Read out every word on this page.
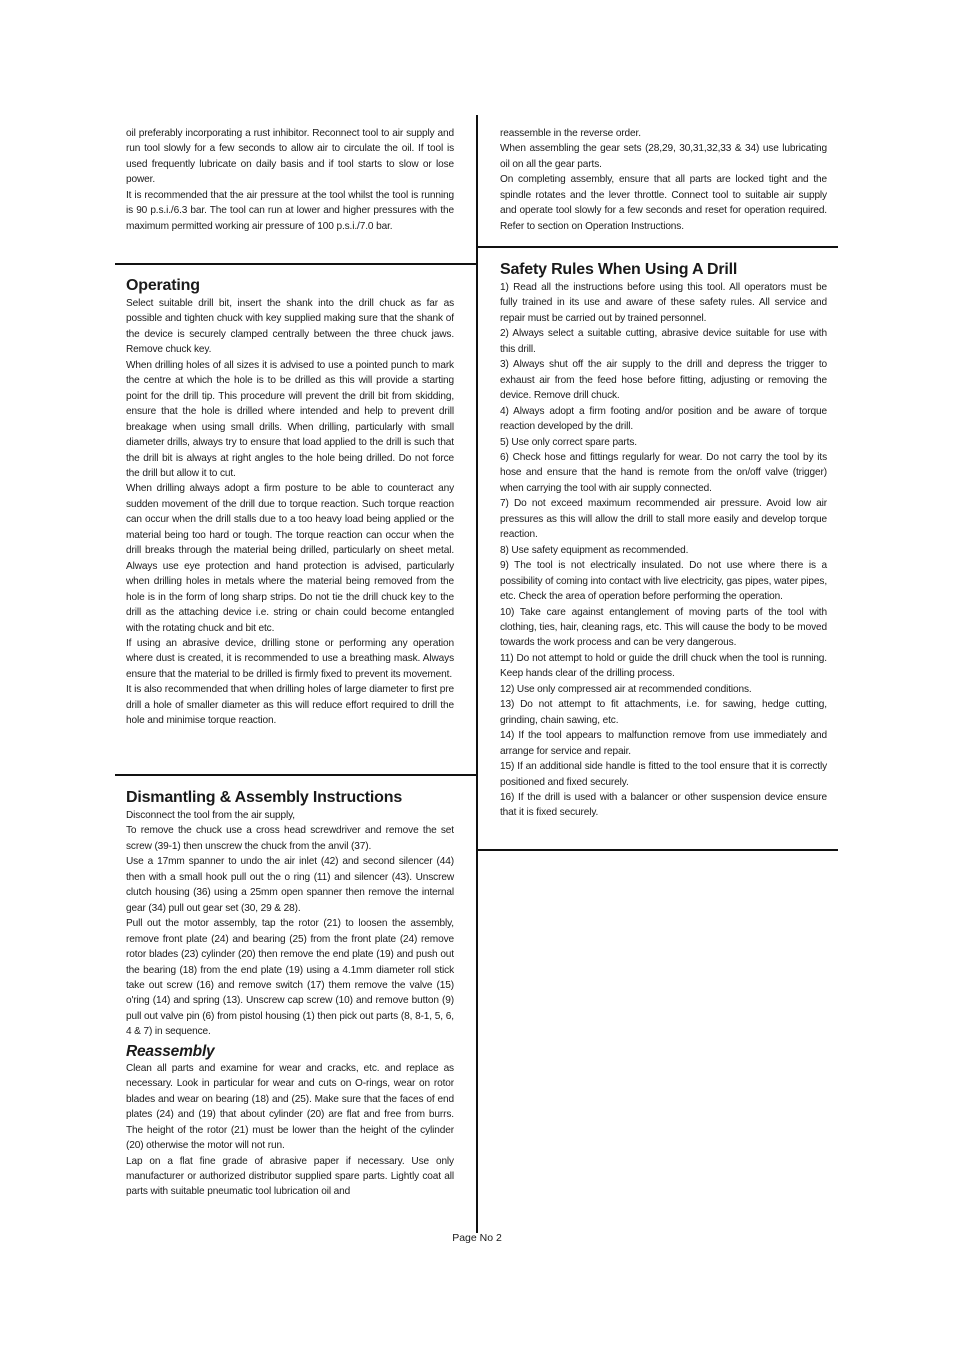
oil preferably incorporating a rust inhibitor. Reconnect tool to air supply and run tool slowly for a few seconds to allow air to circulate the oil. If tool is used frequently lubricate on daily basis and if tool starts to slow or lose power.

It is recommended that the air pressure at the tool whilst the tool is running is 90 p.s.i./6.3 bar. The tool can run at lower and higher pressures with the maximum permitted working air pressure of 100 p.s.i./7.0 bar.

Operating

Select suitable drill bit, insert the shank into the drill chuck as far as possible and tighten chuck with key supplied making sure that the shank of the device is securely clamped centrally between the three chuck jaws. Remove chuck key.

When drilling holes of all sizes it is advised to use a pointed punch to mark the centre at which the hole is to be drilled as this will provide a starting point for the drill tip. This procedure will prevent the drill bit from skidding, ensure that the hole is drilled where intended and help to prevent drill breakage when using small drills. When drilling, particularly with small diameter drills, always try to ensure that load applied to the drill is such that the drill bit is always at right angles to the hole being drilled. Do not force the drill but allow it to cut.

When drilling always adopt a firm posture to be able to counteract any sudden movement of the drill due to torque reaction. Such torque reaction can occur when the drill stalls due to a too heavy load being applied or the material being too hard or tough. The torque reaction can occur when the drill breaks through the material being drilled, particularly on sheet metal. Always use eye protection and hand protection is advised, particularly when drilling holes in metals where the material being removed from the hole is in the form of long sharp strips. Do not tie the drill chuck key to the drill as the attaching device i.e. string or chain could become entangled with the rotating chuck and bit etc.

If using an abrasive device, drilling stone or performing any operation where dust is created, it is recommended to use a breathing mask. Always ensure that the material to be drilled is firmly fixed to prevent its movement.

It is also recommended that when drilling holes of large diameter to first pre drill a hole of smaller diameter as this will reduce effort required to drill the hole and minimise torque reaction.

Dismantling & Assembly Instructions

Disconnect the tool from the air supply,

To remove the chuck use a cross head screwdriver and remove the set screw (39-1) then unscrew the chuck from the anvil (37).

Use a 17mm spanner to undo the air inlet (42) and second silencer (44) then with a small hook pull out the o ring (11) and silencer (43). Unscrew clutch housing (36) using a 25mm open spanner then remove the internal gear (34) pull out gear set (30, 29 & 28).

Pull out the motor assembly, tap the rotor (21) to loosen the assembly, remove front plate (24) and bearing (25) from the front plate (24) remove rotor blades (23) cylinder (20) then remove the end plate (19) and push out the bearing (18) from the end plate (19) using a 4.1mm diameter roll stick take out screw (16) and remove switch (17) them remove the valve (15) o'ring (14) and spring (13). Unscrew cap screw (10) and remove button (9) pull out valve pin (6) from pistol housing (1) then pick out parts (8, 8-1, 5, 6, 4 & 7) in sequence.

Reassembly

Clean all parts and examine for wear and cracks, etc. and replace as necessary. Look in particular for wear and cuts on O-rings, wear on rotor blades and wear on bearing (18) and (25). Make sure that the faces of end plates (24) and (19) that about cylinder (20) are flat and free from burrs. The height of the rotor (21) must be lower than the height of the cylinder (20) otherwise the motor will not run.

Lap on a flat fine grade of abrasive paper if necessary. Use only manufacturer or authorized distributor supplied spare parts. Lightly coat all parts with suitable pneumatic tool lubrication oil and

reassemble in the reverse order.

When assembling the gear sets (28,29, 30,31,32,33 & 34) use lubricating oil on all the gear parts.

On completing assembly, ensure that all parts are locked tight and the spindle rotates and the lever throttle. Connect tool to suitable air supply and operate tool slowly for a few seconds and reset for operation required. Refer to section on Operation Instructions.

Safety Rules When Using A Drill

1) Read all the instructions before using this tool. All operators must be fully trained in its use and aware of these safety rules. All service and repair must be carried out by trained personnel.

2) Always select a suitable cutting, abrasive device suitable for use with this drill.

3) Always shut off the air supply to the drill and depress the trigger to exhaust air from the feed hose before fitting, adjusting or removing the device. Remove drill chuck.

4) Always adopt a firm footing and/or position and be aware of torque reaction developed by the drill.

5) Use only correct spare parts.

6) Check hose and fittings regularly for wear. Do not carry the tool by its hose and ensure that the hand is remote from the on/off valve (trigger) when carrying the tool with air supply connected.

7) Do not exceed maximum recommended air pressure. Avoid low air pressures as this will allow the drill to stall more easily and develop torque reaction.

8) Use safety equipment as recommended.

9) The tool is not electrically insulated. Do not use where there is a possibility of coming into contact with live electricity, gas pipes, water pipes, etc. Check the area of operation before performing the operation.

10) Take care against entanglement of moving parts of the tool with clothing, ties, hair, cleaning rags, etc. This will cause the body to be moved towards the work process and can be very dangerous.

11) Do not attempt to hold or guide the drill chuck when the tool is running. Keep hands clear of the drilling process.

12) Use only compressed air at recommended conditions.

13) Do not attempt to fit attachments, i.e. for sawing, hedge cutting, grinding, chain sawing, etc.

14) If the tool appears to malfunction remove from use immediately and arrange for service and repair.

15) If an additional side handle is fitted to the tool ensure that it is correctly positioned and fixed securely.

16) If the drill is used with a balancer or other suspension device ensure that it is fixed securely.

Page No 2
